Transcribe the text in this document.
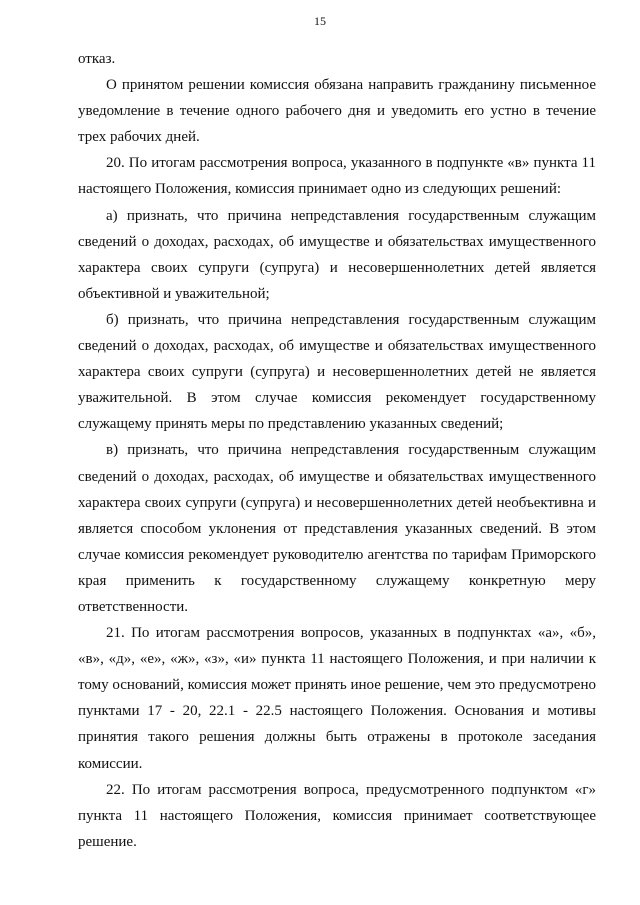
15

отказ.

О принятом решении комиссия обязана направить гражданину письменное уведомление в течение одного рабочего дня и уведомить его устно в течение трех рабочих дней.

20. По итогам рассмотрения вопроса, указанного в подпункте «в» пункта 11 настоящего Положения, комиссия принимает одно из следующих решений:

а) признать, что причина непредставления государственным служащим сведений о доходах, расходах, об имуществе и обязательствах имущественного характера своих супруги (супруга) и несовершеннолетних детей является объективной и уважительной;

б) признать, что причина непредставления государственным служащим сведений о доходах, расходах, об имуществе и обязательствах имущественного характера своих супруги (супруга) и несовершеннолетних детей не является уважительной. В этом случае комиссия рекомендует государственному служащему принять меры по представлению указанных сведений;

в) признать, что причина непредставления государственным служащим сведений о доходах, расходах, об имуществе и обязательствах имущественного характера своих супруги (супруга) и несовершеннолетних детей необъективна и является способом уклонения от представления указанных сведений. В этом случае комиссия рекомендует руководителю агентства по тарифам Приморского края применить к государственному служащему конкретную меру ответственности.

21. По итогам рассмотрения вопросов, указанных в подпунктах «а», «б», «в», «д», «е», «ж», «з», «и» пункта 11 настоящего Положения, и при наличии к тому оснований, комиссия может принять иное решение, чем это предусмотрено пунктами 17 - 20, 22.1 - 22.5 настоящего Положения. Основания и мотивы принятия такого решения должны быть отражены в протоколе заседания комиссии.

22. По итогам рассмотрения вопроса, предусмотренного подпунктом «г» пункта 11 настоящего Положения, комиссия принимает соответствующее решение.
